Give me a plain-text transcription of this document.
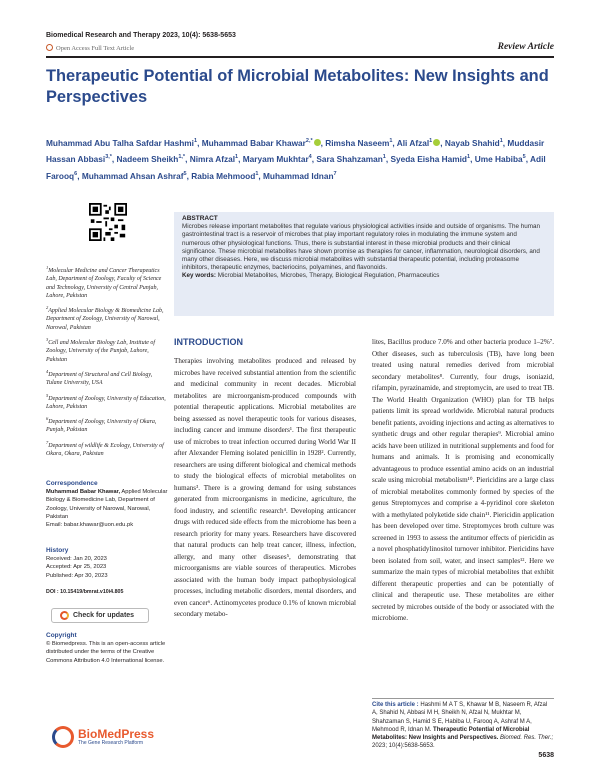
Biomedical Research and Therapy 2023, 10(4): 5638-5653
Open Access Full Text Article	Review Article
Therapeutic Potential of Microbial Metabolites: New Insights and Perspectives
Muhammad Abu Talha Safdar Hashmi$^1$, Muhammad Babar Khawar$^{2,*}$ , Rimsha Naseem$^1$, Ali Afzal$^1$ , Nayab Shahid$^1$, Muddasir Hassan Abbasi$^{3,*}$, Nadeem Sheikh$^{1,*}$, Nimra Afzal$^1$, Maryam Mukhtar$^4$, Sara Shahzaman$^1$, Syeda Eisha Hamid$^1$, Ume Habiba$^5$, Adil Farooq$^6$, Muhammad Ahsan Ashraf$^5$, Rabia Mehmood$^1$, Muhammad Idnan$^7$
ABSTRACT
Microbes release important metabolites that regulate various physiological activities inside and outside of organisms. The human gastrointestinal tract is a reservoir of microbes that play important regulatory roles in modulating the immune system and numerous other physiological functions. Thus, there is substantial interest in these microbial products and their clinical significance. These microbial metabolites have shown promise as therapies for cancer, inflammation, neurological disorders, and many other diseases. Here, we discuss microbial metabolites with substantial therapeutic potential, including proteasome inhibitors, therapeutic enzymes, bacteriocins, polyamines, and flavonoids.
Key words: Microbial Metabolites, Microbes, Therapy, Biological Regulation, Pharmaceutics
$^1$Molecular Medicine and Cancer Therapeutics Lab, Department of Zoology, Faculty of Science and Technology, University of Central Punjab, Lahore, Pakistan
$^2$Applied Molecular Biology & Biomedicine Lab, Department of Zoology, University of Narowal, Narowal, Pakistan
$^3$Cell and Molecular Biology Lab, Institute of Zoology, University of the Punjab, Lahore, Pakistan
$^4$Department of Structural and Cell Biology, Tulane University, USA
$^5$Department of Zoology, University of Education, Lahore, Pakistan
$^6$Department of Zoology, University of Okara, Punjab, Pakistan
$^7$Department of wildlife & Ecology, University of Okara, Okara, Pakistan
Correspondence
Muhammad Babar Khawar, Applied Molecular Biology & Biomedicine Lab, Department of Zoology, University of Narowal, Narowal, Pakistan
Email: babar.khawar@uon.edu.pk
History
Received: Jan 20, 2023
Accepted: Apr 25, 2023
Published: Apr 30, 2023
DOI : 10.15419/bmrat.v10i4.805
Check for updates
Copyright
© Biomedpress. This is an open-access article distributed under the terms of the Creative Commons Attribution 4.0 International license.
BioMedPress
The Gene Research Platform
INTRODUCTION
Therapies involving metabolites produced and released by microbes have received substantial attention from the scientific and medicinal community in recent decades. Microbial metabolites are microorganism-produced compounds with potential therapeutic applications. Microbial metabolites are being assessed as novel therapeutic tools for various diseases, including cancer and immune disorders¹. The first therapeutic use of microbes to treat infection occurred during World War II after Alexander Fleming isolated penicillin in 1928². Currently, researchers are using different biological and chemical methods to study the biological effects of microbial metabolites on humans³. There is a growing demand for using substances generated from microorganisms in medicine, agriculture, the food industry, and scientific research⁴. Developing anticancer drugs with reduced side effects from the microbiome has been a research priority for many years. Researchers have discovered that natural products can help treat cancer, illness, infection, allergy, and many other diseases⁵, demonstrating that microorganisms are viable sources of therapeutics. Microbes associated with the human body impact pathophysiological processes, including metabolic disorders, mental disorders, and even cancer⁶. Actinomycetes produce 0.1% of known microbial secondary metabo-
lites, Bacillus produce 7.0% and other bacteria produce 1–2%⁷. Other diseases, such as tuberculosis (TB), have long been treated using natural remedies derived from microbial secondary metabolites⁸. Currently, four drugs, isoniazid, rifampin, pyrazinamide, and streptomycin, are used to treat TB. The World Health Organization (WHO) plan for TB helps patients limit its spread worldwide. Microbial natural products benefit patients, avoiding injections and acting as alternatives to synthetic drugs and other regular therapies⁹. Microbial amino acids have been utilized in nutritional supplements and food for humans and animals. It is promising and economically advantageous to produce essential amino acids on an industrial scale using microbial metabolism¹⁰. Piericidins are a large class of microbial metabolites commonly formed by species of the genus Streptomyces and comprise a 4-pyridinol core skeleton with a methylated polyketide side chain¹¹. Piericidin application has been developed over time. Streptomyces broth culture was screened in 1993 to assess the antitumor effects of piericidin as a novel phosphatidylinositol turnover inhibitor. Piericidins have been isolated from soil, water, and insect samples¹². Here we summarize the main types of microbial metabolites that exhibit different therapeutic properties and can be potentially of clinical and therapeutic use. These metabolites are either secreted by microbes outside of the body or associated with the microbiome.
Cite this article : Hashmi M A T S, Khawar M B, Naseem R, Afzal A, Shahid N, Abbasi M H, Sheikh N, Afzal N, Mukhtar M, Shahzaman S, Hamid S E, Habiba U, Farooq A, Ashraf M A, Mehmood R, Idnan M. Therapeutic Potential of Microbial Metabolites: New Insights and Perspectives. Biomed. Res. Ther.; 2023; 10(4):5638-5653.
5638
